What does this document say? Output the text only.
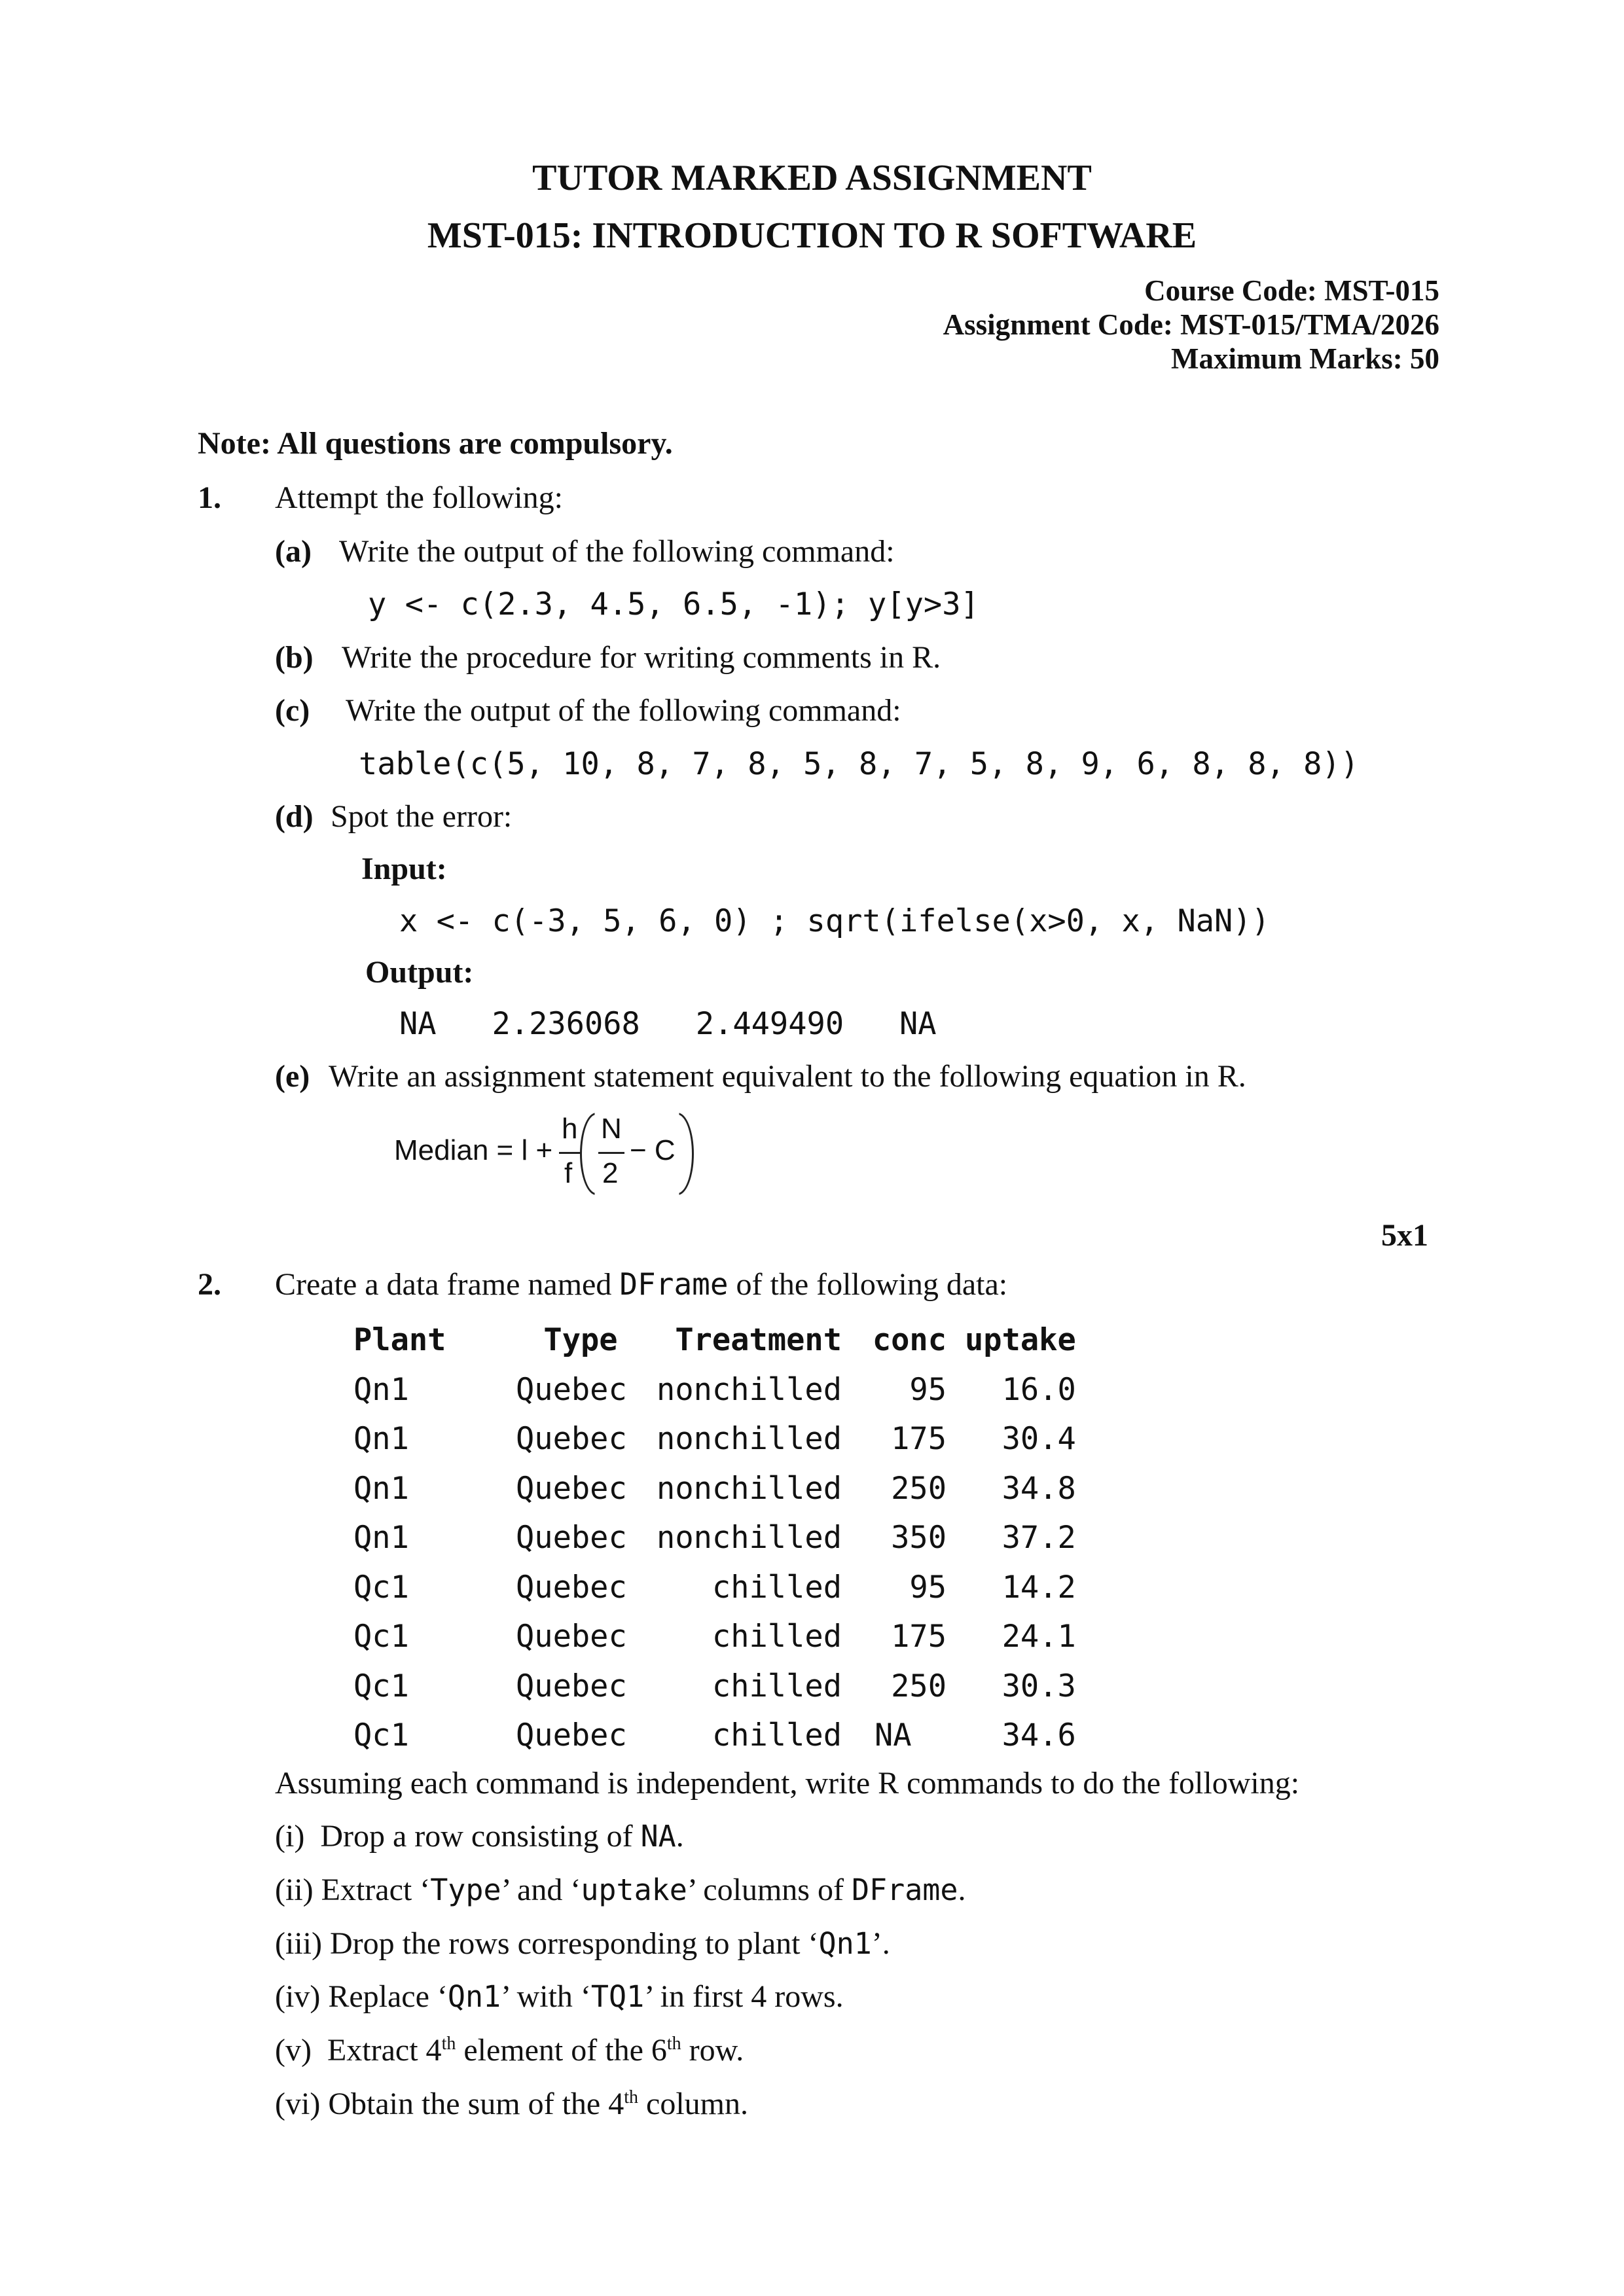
TUTOR MARKED ASSIGNMENT
MST-015: INTRODUCTION TO R SOFTWARE
Course Code: MST-015
Assignment Code: MST-015/TMA/2026
Maximum Marks: 50
Note: All questions are compulsory.
1. Attempt the following:
(a) Write the output of the following command:
y <- c(2.3, 4.5, 6.5, -1); y[y>3]
(b) Write the procedure for writing comments in R.
(c) Write the output of the following command:
table(c(5, 10, 8, 7, 8, 5, 8, 7, 5, 8, 9, 6, 8, 8, 8))
(d) Spot the error:
Input:
x <- c(-3, 5, 6, 0) ; sqrt(ifelse(x>0, x, NaN))
Output:
NA   2.236068   2.449490   NA
(e) Write an assignment statement equivalent to the following equation in R.
Median = l +
h
f
N
2
− C
5x1
2. Create a data frame named DFrame of the following data:
Plant	Type	Treatment	conc	uptake
Qn1	Quebec	nonchilled	95	16.0
Qn1	Quebec	nonchilled	175	30.4
Qn1	Quebec	nonchilled	250	34.8
Qn1	Quebec	nonchilled	350	37.2
Qc1	Quebec	chilled	95	14.2
Qc1	Quebec	chilled	175	24.1
Qc1	Quebec	chilled	250	30.3
Qc1	Quebec	chilled	NA	34.6
Assuming each command is independent, write R commands to do the following:
(i) Drop a row consisting of NA.
(ii) Extract ‘Type’ and ‘uptake’ columns of DFrame.
(iii) Drop the rows corresponding to plant ‘Qn1’.
(iv) Replace ‘Qn1’ with ‘TQ1’ in first 4 rows.
(v) Extract 4th element of the 6th row.
(vi) Obtain the sum of the 4th column.
